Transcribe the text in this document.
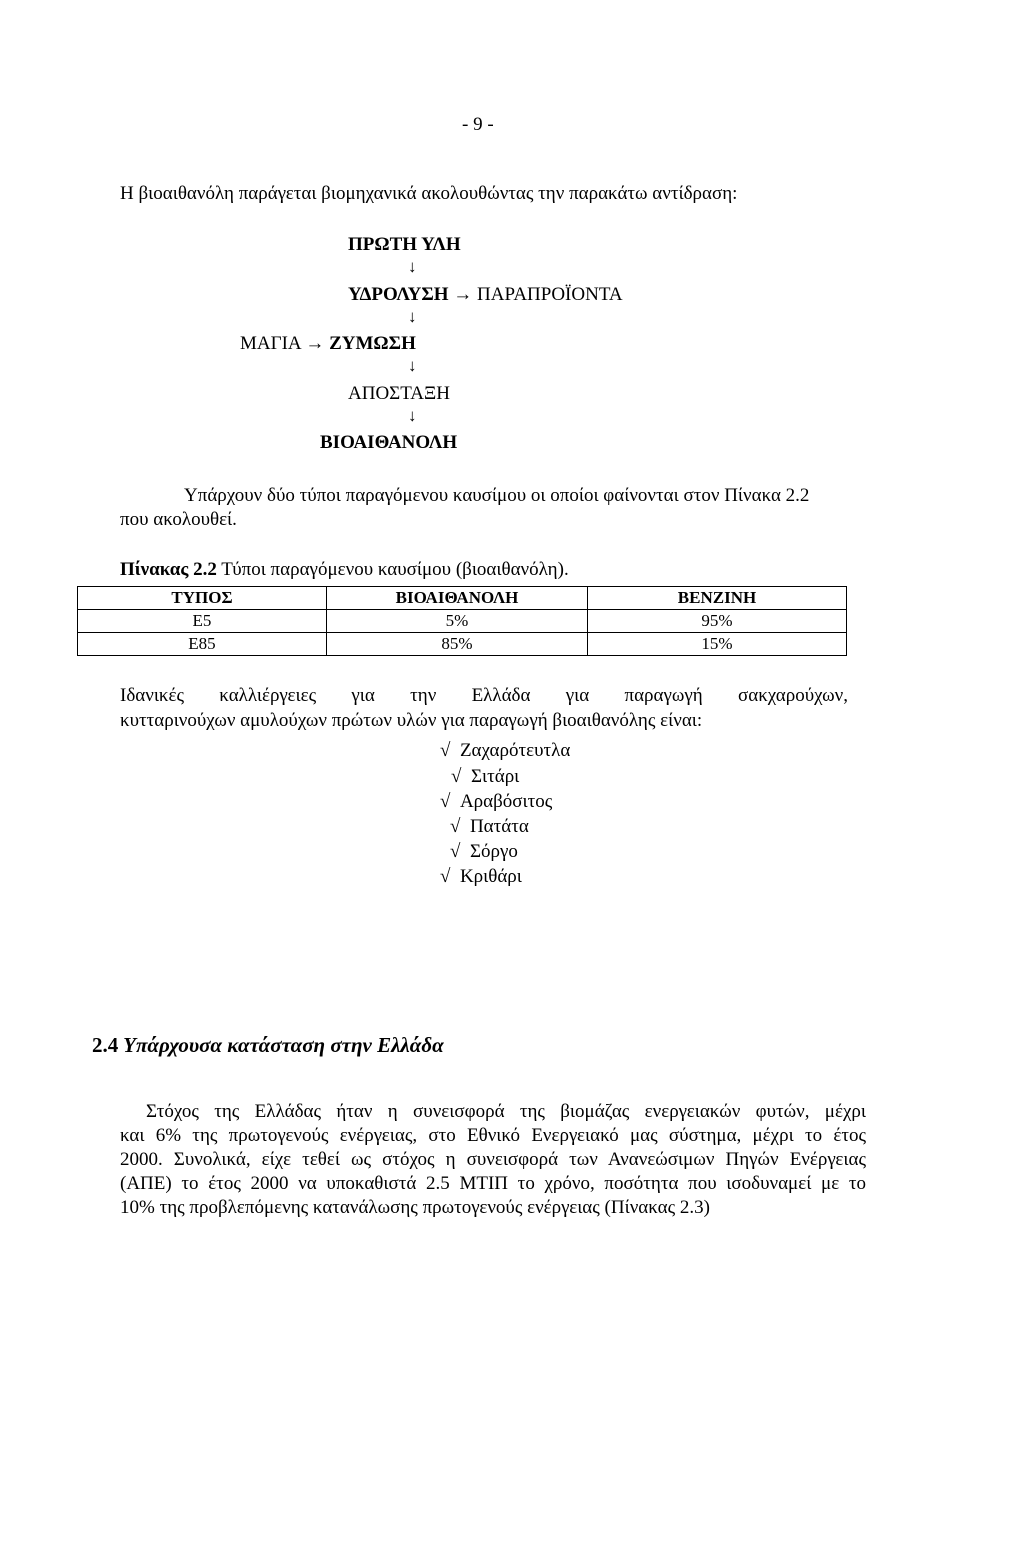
- 9 -
Η βιοαιθανόλη παράγεται βιομηχανικά ακολουθώντας την παρακάτω αντίδραση:
ΠΡΩΤΗ ΥΛΗ
↓
ΥΔΡΟΛΥΣΗ → ΠΑΡΑΠΡΟΪΟΝΤΑ
↓
ΜΑΓΙΑ → ΖΥΜΩΣΗ
↓
ΑΠΟΣΤΑΞΗ
↓
ΒΙΟΑΙΘΑΝΟΛΗ
Υπάρχουν δύο τύποι παραγόμενου καυσίμου οι οποίοι φαίνονται στον Πίνακα 2.2
που ακολουθεί.
Πίνακας 2.2 Τύποι παραγόμενου καυσίμου (βιοαιθανόλη).
ΤΥΠΟΣ	ΒΙΟΑΙΘΑΝΟΛΗ	ΒΕΝΖΙΝΗ
Ε5	5%	95%
Ε85	85%	15%
Ιδανικές καλλιέργειες για την Ελλάδα για παραγωγή σακχαρούχων,
κυτταρινούχων αμυλούχων πρώτων υλών για παραγωγή βιοαιθανόλης είναι:
√ Ζαχαρότευτλα
√ Σιτάρι
√ Αραβόσιτος
√ Πατάτα
√ Σόργο
√ Κριθάρι
2.4 Υπάρχουσα κατάσταση στην Ελλάδα
Στόχος της Ελλάδας ήταν η συνεισφορά της βιομάζας ενεργειακών φυτών, μέχρι
και 6% της πρωτογενούς ενέργειας, στο Εθνικό Ενεργειακό μας σύστημα, μέχρι το έτος
2000. Συνολικά, είχε τεθεί ως στόχος η συνεισφορά των Ανανεώσιμων Πηγών Ενέργειας
(ΑΠΕ) το έτος 2000 να υποκαθιστά 2.5 ΜΤΙΠ το χρόνο, ποσότητα που ισοδυναμεί με το
10% της προβλεπόμενης κατανάλωσης πρωτογενούς ενέργειας (Πίνακας 2.3)
